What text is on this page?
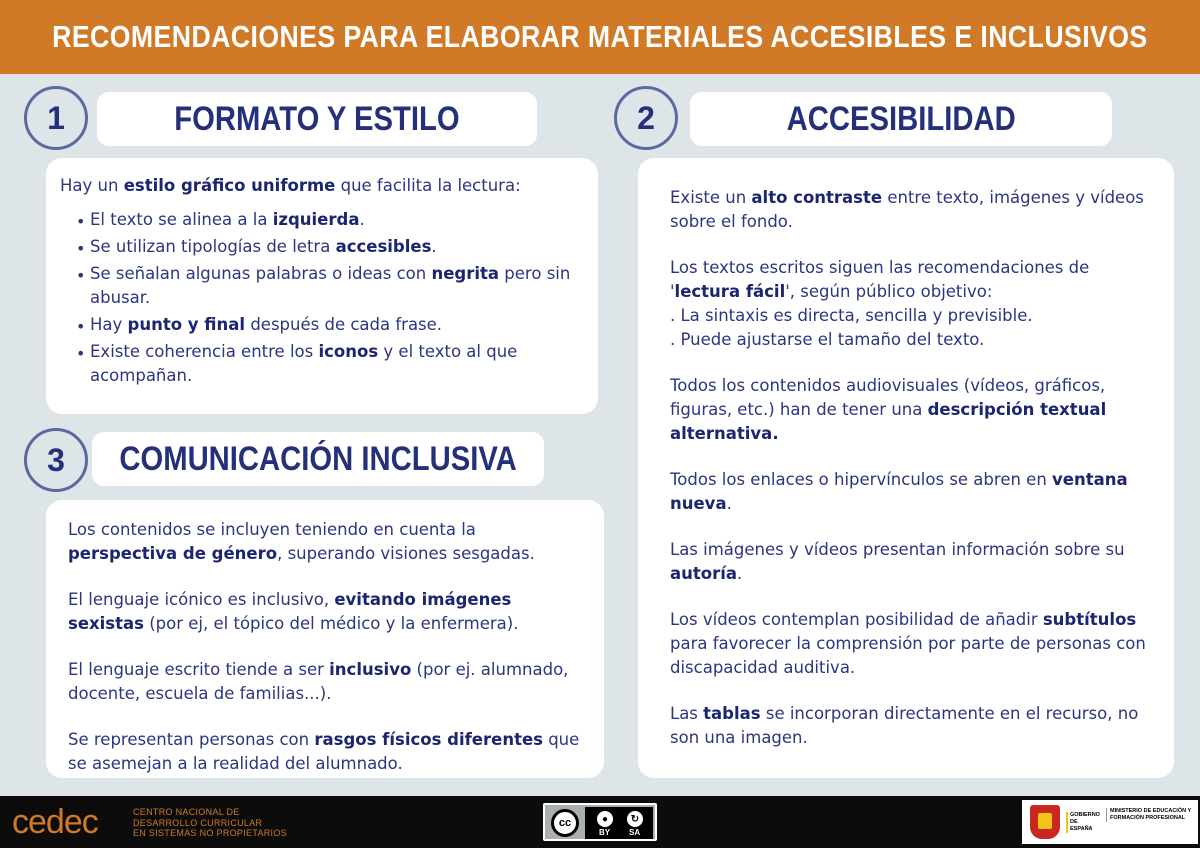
RECOMENDACIONES PARA ELABORAR MATERIALES ACCESIBLES E INCLUSIVOS
1	FORMATO Y ESTILO

Hay un estilo gráfico uniforme que facilita la lectura:

• El texto se alinea a la izquierda.
• Se utilizan tipologías de letra accesibles.
• Se señalan algunas palabras o ideas con negrita pero sin abusar.
• Hay punto y final después de cada frase.
• Existe coherencia entre los iconos y el texto al que acompañan.
2	ACCESIBILIDAD

Existe un alto contraste entre texto, imágenes y vídeos sobre el fondo.

Los textos escritos siguen las recomendaciones de 'lectura fácil', según público objetivo:
. La sintaxis es directa, sencilla y previsible.
. Puede ajustarse el tamaño del texto.

Todos los contenidos audiovisuales (vídeos, gráficos, figuras, etc.) han de tener una descripción textual alternativa.

Todos los enlaces o hipervínculos se abren en ventana nueva.

Las imágenes y vídeos presentan información sobre su autoría.

Los vídeos contemplan posibilidad de añadir subtítulos para favorecer la comprensión por parte de personas con discapacidad auditiva.

Las tablas se incorporan directamente en el recurso, no son una imagen.

3	COMUNICACIÓN INCLUSIVA

Los contenidos se incluyen teniendo en cuenta la perspectiva de género, superando visiones sesgadas.

El lenguaje icónico es inclusivo, evitando imágenes sexistas (por ej, el tópico del médico y la enfermera).

El lenguaje escrito tiende a ser inclusivo (por ej. alumnado, docente, escuela de familias...).

Se representan personas con rasgos físicos diferentes que se asemejan a la realidad del alumnado.

cedec	CENTRO NACIONAL DE
DESARROLLO CURRICULAR
EN SISTEMAS NO PROPIETARIOS
cc	●
BY
↻
SA
GOBIERNO DE ESPAÑA
MINISTERIO DE EDUCACIÓN Y FORMACIÓN PROFESIONAL
